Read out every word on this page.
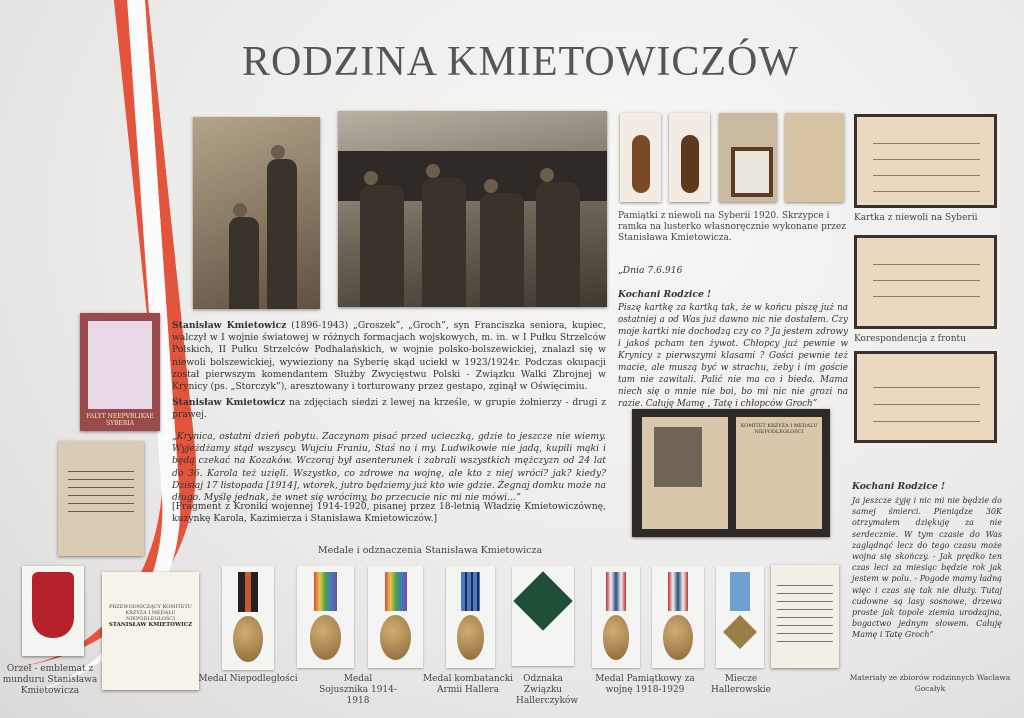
RODZINA KMIETOWICZÓW
Stanisław Kmietowicz (1896-1943) „Groszek”, „Groch”, syn Franciszka seniora, kupiec, walczył w I wojnie światowej w różnych formacjach wojskowych, m. in. w I Pułku Strzelców Polskich, II Pułku Strzelców Podhalańskich, w wojnie polsko-bolszewickiej, znalazł się w niewoli bolszewickiej, wywieziony na Syberię skąd uciekł w 1923/1924r. Podczas okupacji został pierwszym komendantem Służby Zwycięstwu Polski - Związku Walki Zbrojnej w Krynicy (ps. „Storczyk”), aresztowany i torturowany przez gestapo, zginął w Oświęcimiu.
Stanisław Kmietowicz na zdjęciach siedzi z lewej na krześle, w grupie żołnierzy - drugi z prawej.
„Krynica, ostatni dzień pobytu. Zaczynam pisać przed ucieczką, gdzie to jeszcze nie wiemy. Wyjeżdżamy stąd wszyscy. Wujciu Franiu, Staś no i my. Ludwikowie nie jadą, kupili mąki i będą czekać na Kozaków. Wczoraj był asenterunek i zabrali wszystkich mężczyzn od 24 lat do 36. Karola też uzięli. Wszystko, co zdrowe na wojnę, ale kto z niej wróci? jak? kiedy? Dzisiaj 17 listopada [1914], wtorek, jutro będziemy już kto wie gdzie. Żegnaj domku może na długo. Myślę jednak, że wnet się wrócimy, bo przecucie nic mi nie mówi…”
[Fragment z Kroniki wojennej 1914-1920, pisanej przez 18-letnią Władzię Kmietowiczównę, kuzynkę Karola, Kazimierza i Stanisława Kmietowiczów.]
FALYT NEEPVBLIKAE SYBERIA
Pamiątki z niewoli na Syberii 1920. Skrzypce i ramka na lusterko własnoręcznie wykonane przez Stanisława Kmietowicza.
„Dnia 7.6.916
Kochani Rodzice !
Piszę kartkę za kartką tak, że w końcu piszę już na ostatniej a od Was już dawno nic nie dostałem. Czy moje kartki nie dochodzą czy co ? Ja jestem zdrowy i jakoś pcham ten żywot. Chłopcy już pewnie w Krynicy z pierwszymi klasami ? Gości pewnie też macie, ale muszą być w strachu, żeby i im goście tam nie zawitali. Palić nie ma co i bieda. Mama niech się o mnie nie boi, bo mi nic nie grozi na razie. Całuję Mamę , Tatę i chłopców Groch”
Kartka z niewoli na Syberii
Korespondencja z frontu
KOMITET KRZYŻA I MEDALU NIEPODLEGŁOŚCI
Kochani Rodzice !
Ja jeszcze żyję i nic mi nie będzie do samej śmierci. Pieniądze 30K otrzymałem dziękuję za nie serdecznie. W tym czasie do Was zaglądnąć lecz do tego czasu może wojna się skończy. - Jak prędko ten czas leci za miesiąc będzie rok jak jestem w polu. - Pogode mamy ładną więc i czas się tak nie dłuży. Tutaj cudowne są lasy sosnowe, drzewa proste jak topole ziemia urodzajna, bogactwo jednym słowem. Całuję Mamę i Tatę Groch”
Medale i odznaczenia Stanisława Kmietowicza
Orzeł - emblemat z munduru Stanisława Kmietowicza
PRZEWODNICZĄCY KOMITETU KRZYŻA I MEDALU NIEPODLEGŁOŚCI
STANISŁAW KMIETOWICZ
Medal Niepodległości	Medal Sojusznika 1914-1918
Medal kombatancki Armii Hallera
Odznaka Związku Hallerczyków
Medal Pamiątkowy za wojnę 1918-1929
Miecze Hallerowskie
Materiały ze zbiorów rodzinnych Wacława Gocałyk
